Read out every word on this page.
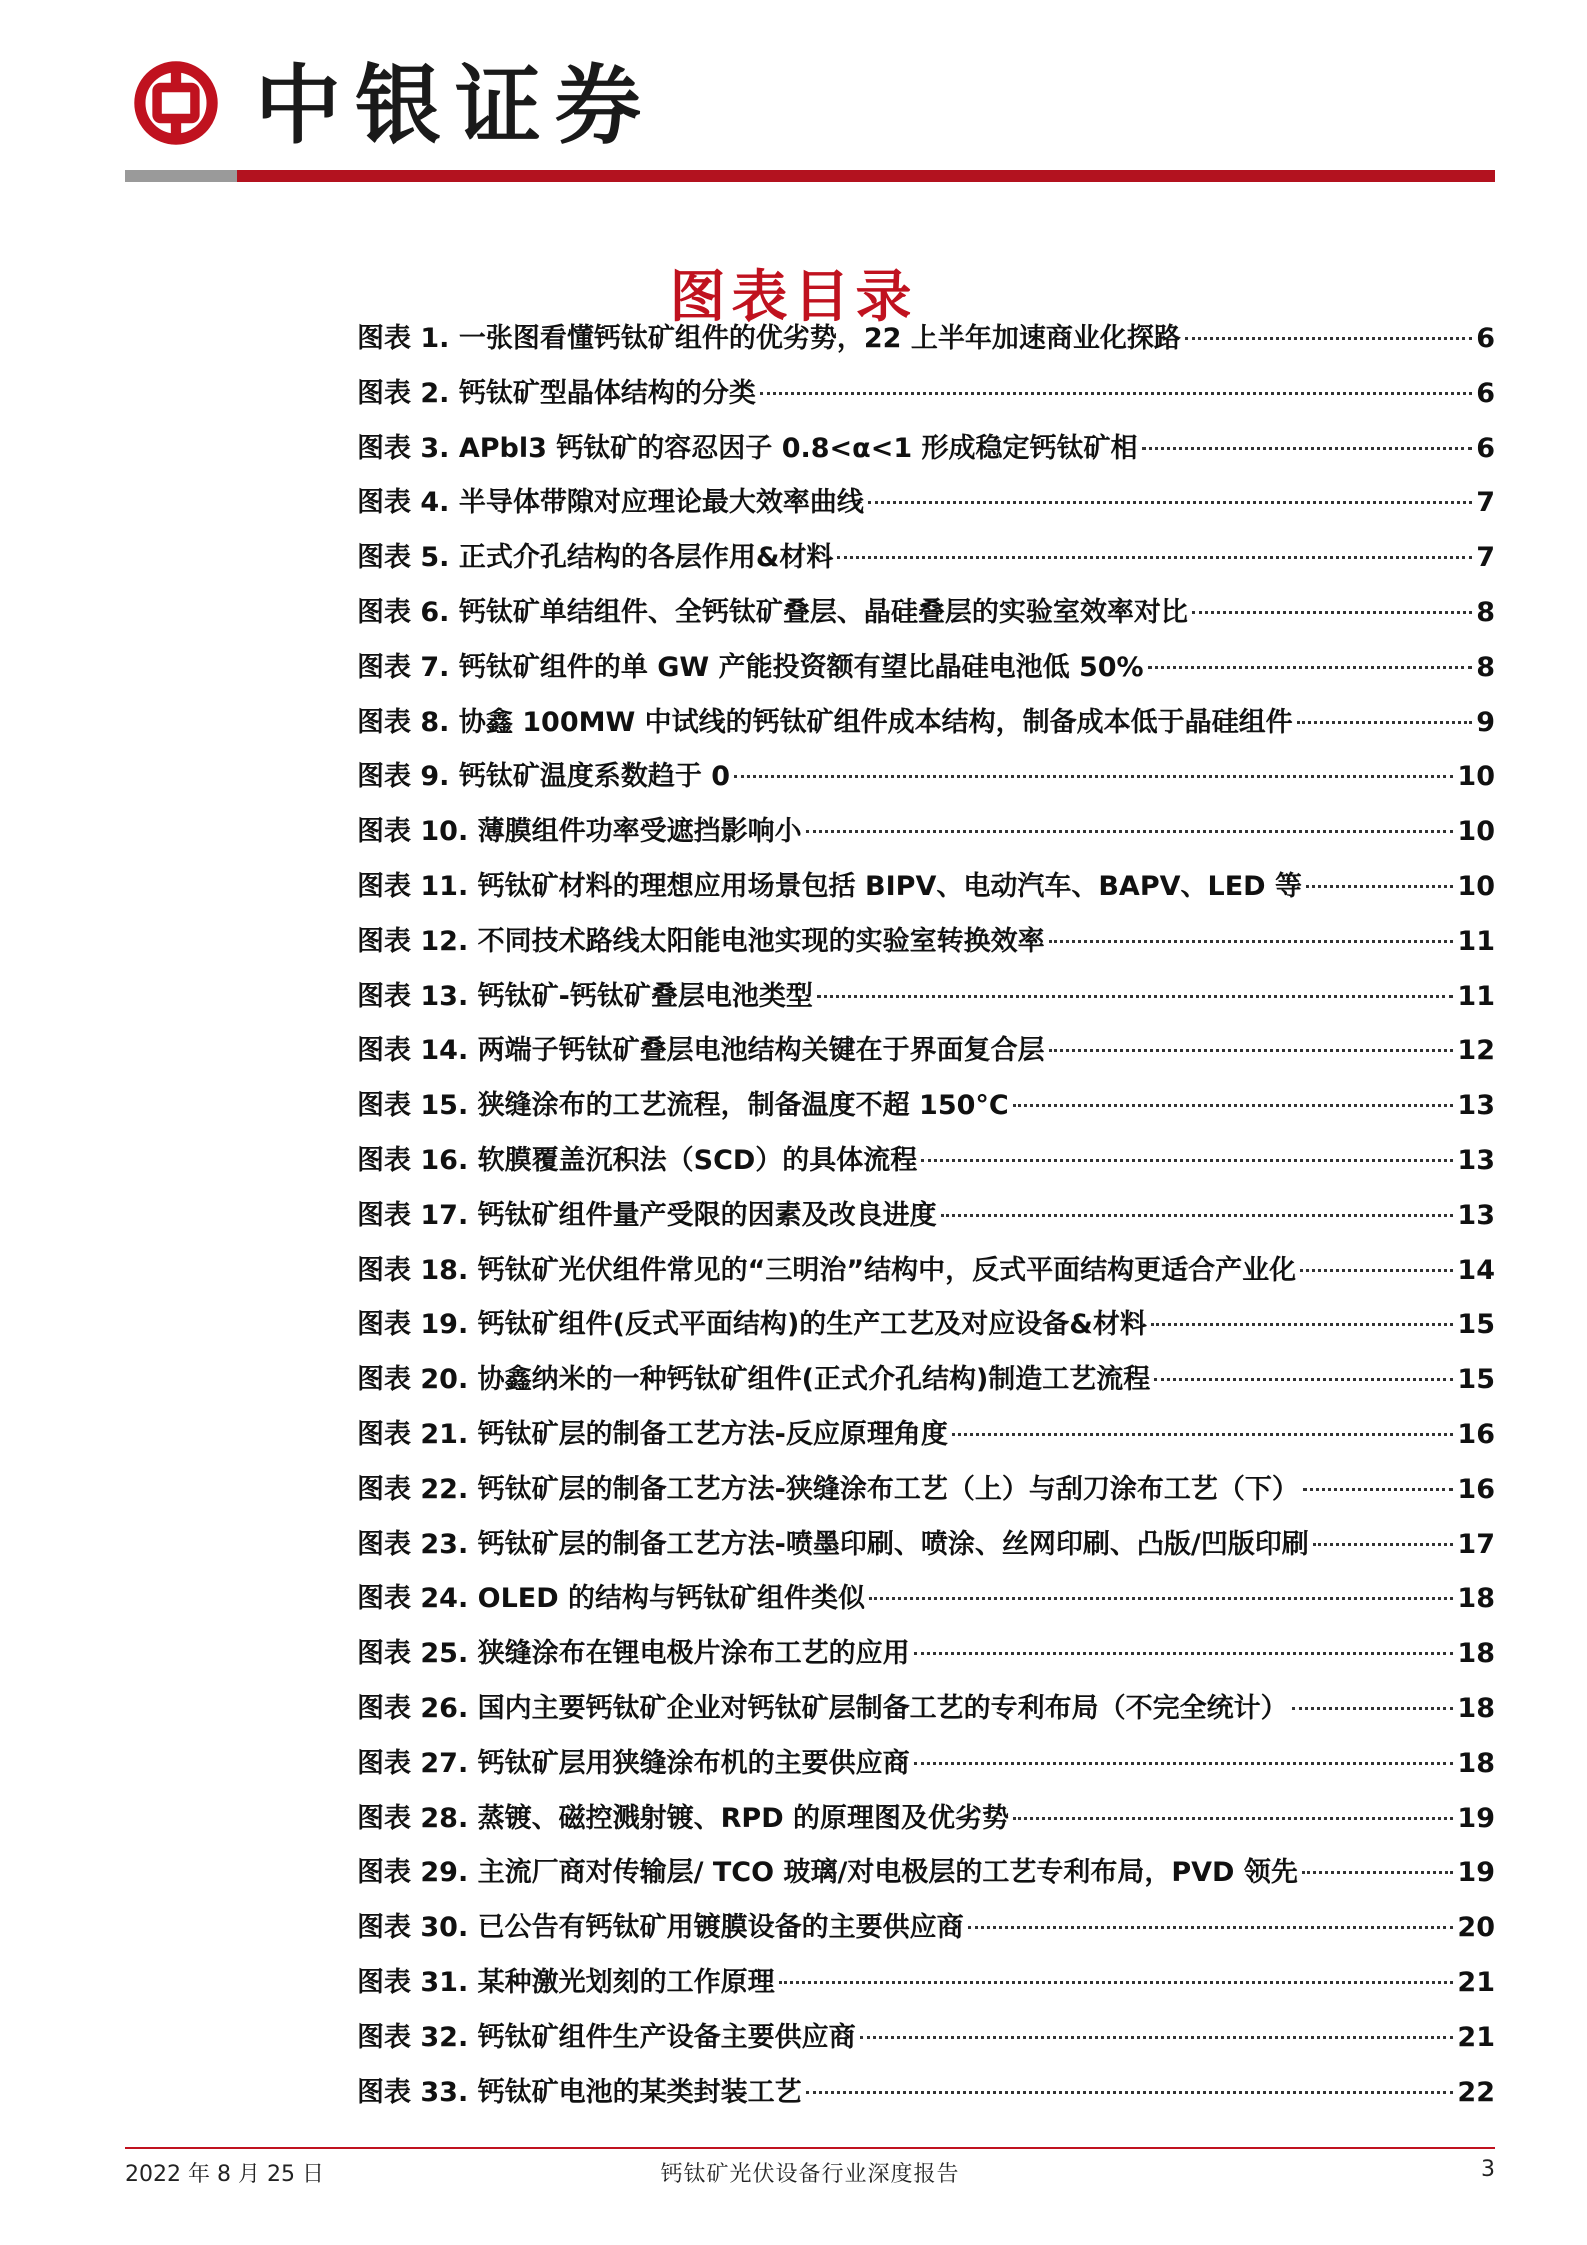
中银证券
图表目录
图表 1. 一张图看懂钙钛矿组件的优劣势，22 上半年加速商业化探路	6
图表 2. 钙钛矿型晶体结构的分类	6
图表 3. APbl3 钙钛矿的容忍因子 0.8<α<1 形成稳定钙钛矿相	6
图表 4. 半导体带隙对应理论最大效率曲线	7
图表 5. 正式介孔结构的各层作用&材料	7
图表 6. 钙钛矿单结组件、全钙钛矿叠层、晶硅叠层的实验室效率对比	8
图表 7. 钙钛矿组件的单 GW 产能投资额有望比晶硅电池低 50%	8
图表 8. 协鑫 100MW 中试线的钙钛矿组件成本结构，制备成本低于晶硅组件	9
图表 9. 钙钛矿温度系数趋于 0	10
图表 10. 薄膜组件功率受遮挡影响小	10
图表 11. 钙钛矿材料的理想应用场景包括 BIPV、电动汽车、BAPV、LED 等	10
图表 12. 不同技术路线太阳能电池实现的实验室转换效率	11
图表 13. 钙钛矿-钙钛矿叠层电池类型	11
图表 14. 两端子钙钛矿叠层电池结构关键在于界面复合层	12
图表 15. 狭缝涂布的工艺流程，制备温度不超 150°C	13
图表 16. 软膜覆盖沉积法（SCD）的具体流程	13
图表 17. 钙钛矿组件量产受限的因素及改良进度	13
图表 18. 钙钛矿光伏组件常见的“三明治”结构中，反式平面结构更适合产业化	14
图表 19. 钙钛矿组件(反式平面结构)的生产工艺及对应设备&材料	15
图表 20. 协鑫纳米的一种钙钛矿组件(正式介孔结构)制造工艺流程	15
图表 21. 钙钛矿层的制备工艺方法-反应原理角度	16
图表 22. 钙钛矿层的制备工艺方法-狭缝涂布工艺（上）与刮刀涂布工艺（下）	16
图表 23. 钙钛矿层的制备工艺方法-喷墨印刷、喷涂、丝网印刷、凸版/凹版印刷	17
图表 24. OLED 的结构与钙钛矿组件类似	18
图表 25. 狭缝涂布在锂电极片涂布工艺的应用	18
图表 26. 国内主要钙钛矿企业对钙钛矿层制备工艺的专利布局（不完全统计）	18
图表 27. 钙钛矿层用狭缝涂布机的主要供应商	18
图表 28. 蒸镀、磁控溅射镀、RPD 的原理图及优劣势	19
图表 29. 主流厂商对传输层/ TCO 玻璃/对电极层的工艺专利布局，PVD 领先	19
图表 30. 已公告有钙钛矿用镀膜设备的主要供应商	20
图表 31. 某种激光划刻的工作原理	21
图表 32. 钙钛矿组件生产设备主要供应商	21
图表 33. 钙钛矿电池的某类封装工艺	22
2022 年 8 月 25 日	钙钛矿光伏设备行业深度报告	3
